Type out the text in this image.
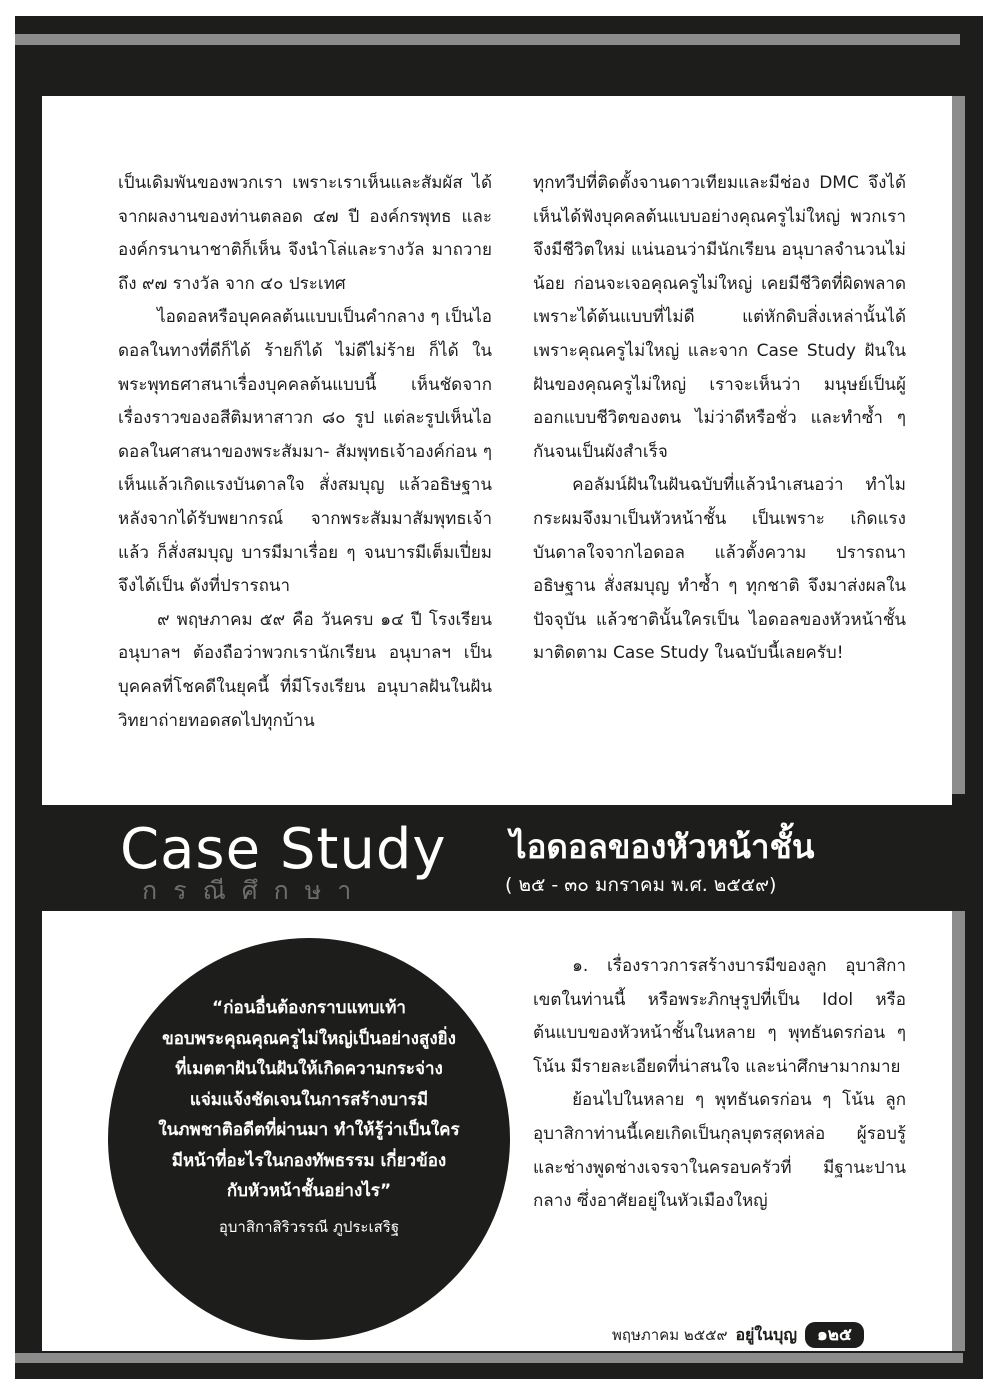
เป็นเดิมพันของพวกเรา เพราะเราเห็นและสัมผัส ได้จากผลงานของท่านตลอด ๔๗ ปี องค์กรพุทธ และองค์กรนานาชาติก็เห็น จึงนำโล่และรางวัล มาถวายถึง ๙๗ รางวัล จาก ๔๐ ประเทศ

ไอดอลหรือบุคคลต้นแบบเป็นคำกลาง ๆ เป็นไอดอลในทางที่ดีก็ได้ ร้ายก็ได้ ไม่ดีไม่ร้าย ก็ได้ ในพระพุทธศาสนาเรื่องบุคคลต้นแบบนี้ เห็นชัดจากเรื่องราวของอสีติมหาสาวก ๘๐ รูป แต่ละรูปเห็นไอดอลในศาสนาของพระสัมมา- สัมพุทธเจ้าองค์ก่อน ๆ เห็นแล้วเกิดแรงบันดาลใจ สั่งสมบุญ แล้วอธิษฐาน หลังจากได้รับพยากรณ์ จากพระสัมมาสัมพุทธเจ้าแล้ว ก็สั่งสมบุญ บารมีมาเรื่อย ๆ จนบารมีเต็มเปี่ยมจึงได้เป็น ดังที่ปรารถนา

๙ พฤษภาคม ๕๙ คือ วันครบ ๑๔ ปี โรงเรียนอนุบาลฯ ต้องถือว่าพวกเรานักเรียน อนุบาลฯ เป็นบุคคลที่โชคดีในยุคนี้ ที่มีโรงเรียน อนุบาลฝันในฝันวิทยาถ่ายทอดสดไปทุกบ้าน

ทุกทวีปที่ติดตั้งจานดาวเทียมและมีช่อง DMC จึงได้เห็นได้ฟังบุคคลต้นแบบอย่างคุณครูไม่ใหญ่ พวกเราจึงมีชีวิตใหม่ แน่นอนว่ามีนักเรียน อนุบาลจำนวนไม่น้อย ก่อนจะเจอคุณครูไม่ใหญ่ เคยมีชีวิตที่ผิดพลาด เพราะได้ต้นแบบที่ไม่ดี	แต่หักดิบสิ่งเหล่านั้นได้เพราะคุณครูไม่ใหญ่ และจาก Case Study ฝันในฝันของคุณครูไม่ใหญ่ เราจะเห็นว่า มนุษย์เป็นผู้ออกแบบชีวิตของตน ไม่ว่าดีหรือชั่ว และทำซ้ำ ๆ กันจนเป็นผังสำเร็จ

คอลัมน์ฝันในฝันฉบับที่แล้วนำเสนอว่า ทำไมกระผมจึงมาเป็นหัวหน้าชั้น เป็นเพราะ เกิดแรงบันดาลใจจากไอดอล แล้วตั้งความ ปรารถนา อธิษฐาน สั่งสมบุญ ทำซ้ำ ๆ ทุกชาติ จึงมาส่งผลในปัจจุบัน แล้วชาตินั้นใครเป็น ไอดอลของหัวหน้าชั้น มาติดตาม Case Study ในฉบับนี้เลยครับ!

Case Study
กรณีศึกษา
ไอดอลของหัวหน้าชั้น
( ๒๕ - ๓๐ มกราคม พ.ศ. ๒๕๕๙)
“ก่อนอื่นต้องกราบแทบเท้า
ขอบพระคุณคุณครูไม่ใหญ่เป็นอย่างสูงยิ่ง
ที่เมตตาฝันในฝันให้เกิดความกระจ่าง
แจ่มแจ้งชัดเจนในการสร้างบารมี
ในภพชาติอดีตที่ผ่านมา ทำให้รู้ว่าเป็นใคร
มีหน้าที่อะไรในกองทัพธรรม เกี่ยวข้อง
กับหัวหน้าชั้นอย่างไร”
อุบาสิกาสิริวรรณี ภูประเสริฐ

๑. เรื่องราวการสร้างบารมีของลูก อุบาสิกาเขตในท่านนี้ หรือพระภิกษุรูปที่เป็น Idol หรือต้นแบบของหัวหน้าชั้นในหลาย ๆ พุทธันดรก่อน ๆ โน้น มีรายละเอียดที่น่าสนใจ และน่าศึกษามากมาย

ย้อนไปในหลาย ๆ พุทธันดรก่อน ๆ โน้น ลูกอุบาสิกาท่านนี้เคยเกิดเป็นกุลบุตรสุดหล่อ ผู้รอบรู้และช่างพูดช่างเจรจาในครอบครัวที่ มีฐานะปานกลาง ซึ่งอาศัยอยู่ในหัวเมืองใหญ่

พฤษภาคม ๒๕๕๙ อยู่ในบุญ	๑๒๕
